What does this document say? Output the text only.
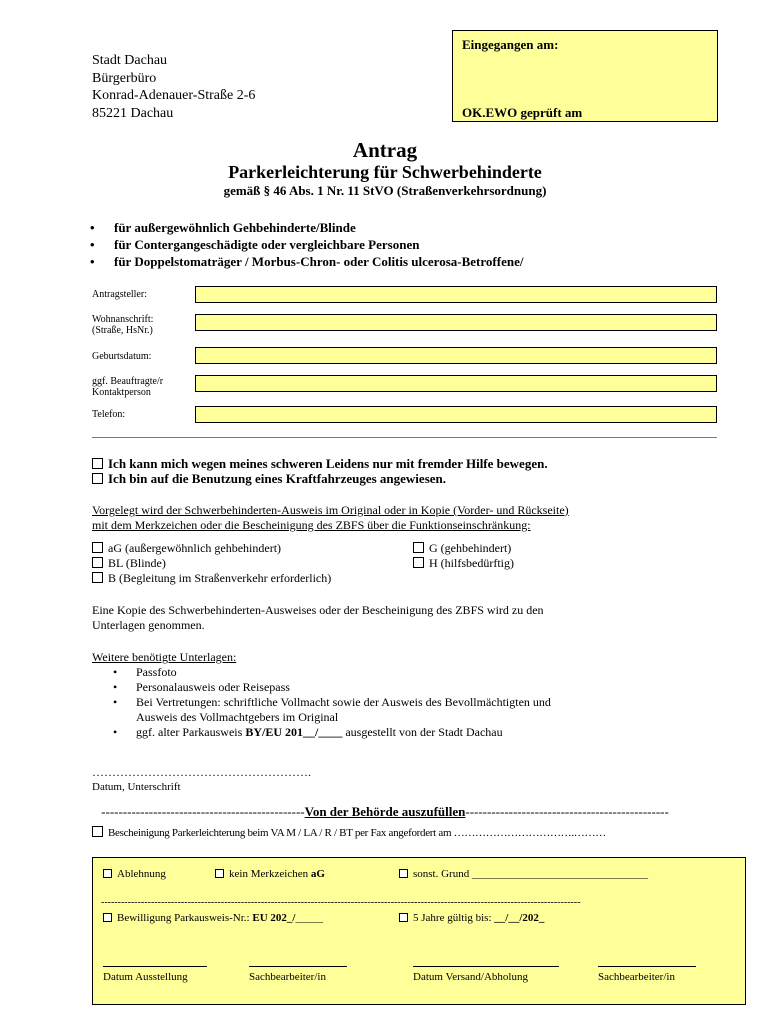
Stadt Dachau
Bürgerbüro
Konrad-Adenauer-Straße 2-6
85221 Dachau
Eingegangen am:
OK.EWO geprüft am
Antrag
Parkerleichterung für Schwerbehinderte
gemäß § 46 Abs. 1 Nr. 11 StVO (Straßenverkehrsordnung)
• für außergewöhnlich Gehbehinderte/Blinde
• für Contergangeschädigte oder vergleichbare Personen
• für Doppelstomaträger / Morbus-Chron- oder Colitis ulcerosa-Betroffene/
Antragsteller:
Wohnanschrift:
(Straße, HsNr.)
Geburtsdatum:
ggf. Beauftragte/r
Kontaktperson
Telefon:
Ich kann mich wegen meines schweren Leidens nur mit fremder Hilfe bewegen.
Ich bin auf die Benutzung eines Kraftfahrzeuges angewiesen.
Vorgelegt wird der Schwerbehinderten-Ausweis im Original oder in Kopie (Vorder- und Rückseite)
mit dem Merkzeichen oder die Bescheinigung des ZBFS über die Funktionseinschränkung:
aG (außergewöhnlich gehbehindert)
BL (Blinde)
B (Begleitung im Straßenverkehr erforderlich)
G (gehbehindert)
H (hilfsbedürftig)
Eine Kopie des Schwerbehinderten-Ausweises oder der Bescheinigung des ZBFS wird zu den
Unterlagen genommen.
Weitere benötigte Unterlagen:
• Passfoto
• Personalausweis oder Reisepass
• Bei Vertretungen: schriftliche Vollmacht sowie der Ausweis des Bevollmächtigten und
Ausweis des Vollmachtgebers im Original
• ggf. alter Parkausweis BY/EU 201__/____ ausgestellt von der Stadt Dachau
……………………………………………….
Datum, Unterschrift
-----------------------------------------------Von der Behörde auszufüllen-----------------------------------------------
Bescheinigung Parkerleichterung beim VA M / LA / R / BT per Fax angefordert am …………………………….………
Ablehnung	kein Merkzeichen aG	sonst. Grund ________________________________
------------------------------------------------------------------------------------------------------------------------------------------------
Bewilligung Parkausweis-Nr.: EU 202_/_____	5 Jahre gültig bis: __/__/202_
Datum Ausstellung	Sachbearbeiter/in	Datum Versand/Abholung	Sachbearbeiter/in
